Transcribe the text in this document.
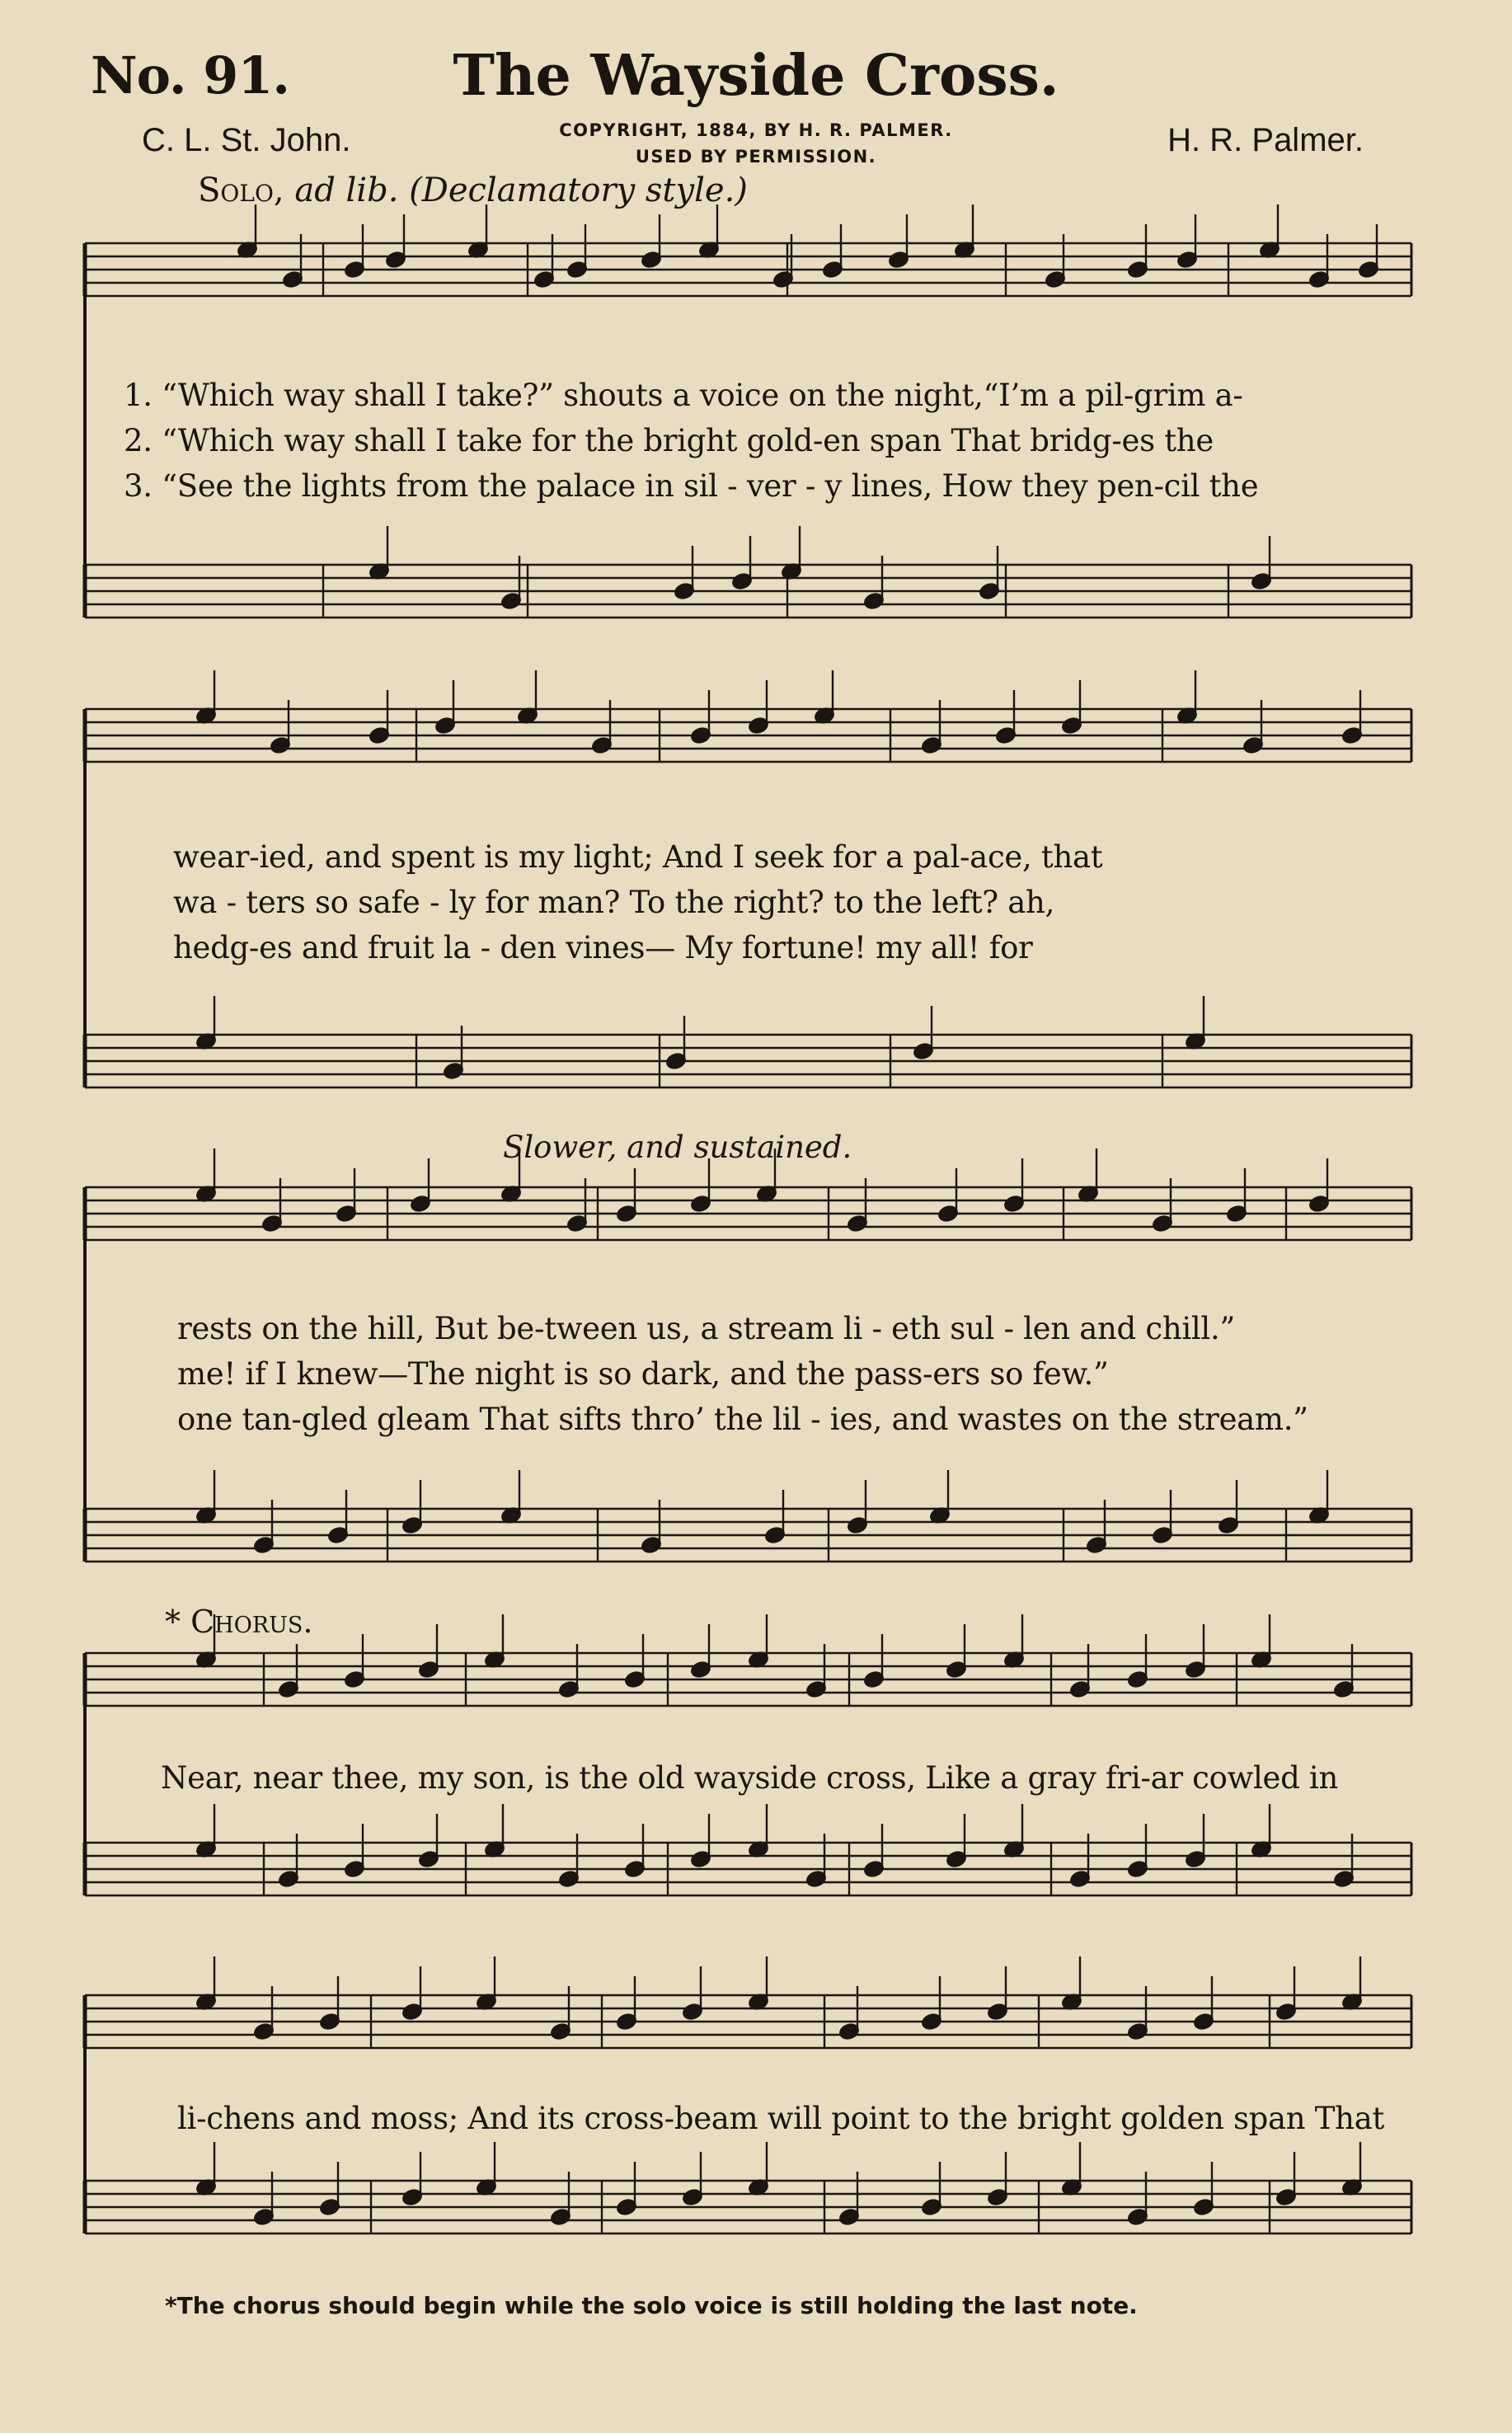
No. 91.	The Wayside Cross.
C. L. St. John.	COPYRIGHT, 1884, BY H. R. PALMER.
USED BY PERMISSION.	H. R. Palmer.
Solo, ad lib. (Declamatory style.)
1. “Which way shall I take?” shouts a voice on the night,“I’m a pil-grim a-
2. “Which way shall I take for the bright gold-en span That bridg-es the
3. “See the lights from the palace in sil - ver - y lines, How they pen-cil the
wear-ied, and spent is my light; And I seek for a pal-ace, that
wa - ters so safe - ly for man? To the right? to the left? ah,
hedg-es and fruit la - den vines— My fortune! my all! for
Slower, and sustained.
rests on the hill, But be-tween us, a stream li - eth sul - len and chill.”
me! if I knew—The night is so dark, and the pass-ers so few.”
one tan-gled gleam That sifts thro’ the lil - ies, and wastes on the stream.”
* Chorus.
Near, near thee, my son, is the old wayside cross, Like a gray fri-ar cowled in
li-chens and moss; And its cross-beam will point to the bright golden span That
*The chorus should begin while the solo voice is still holding the last note.
